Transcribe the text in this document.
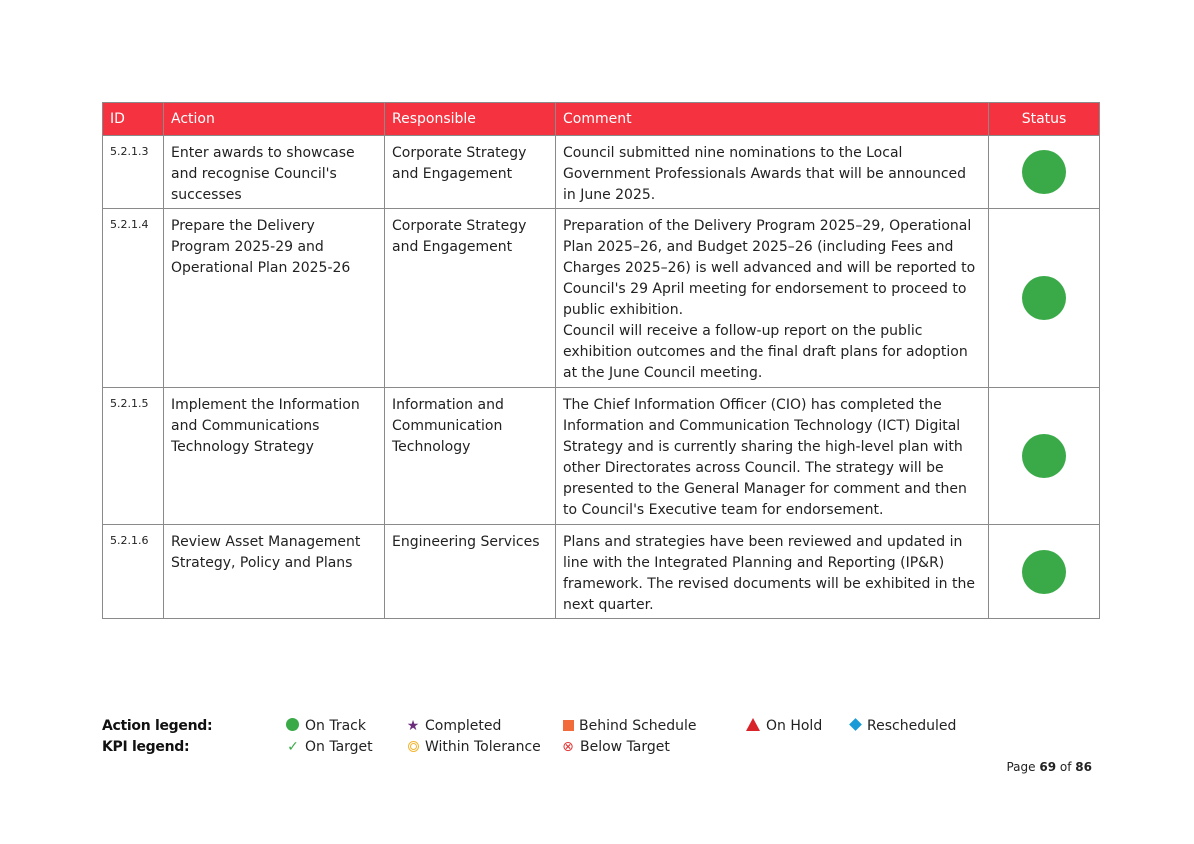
ID	Action	Responsible	Comment	Status
5.2.1.3	Enter awards to showcase and recognise Council's successes	Corporate Strategy and Engagement	Council submitted nine nominations to the Local Government Professionals Awards that will be announced in June 2025.	
5.2.1.4	Prepare the Delivery Program 2025-29 and Operational Plan 2025-26	Corporate Strategy and Engagement	Preparation of the Delivery Program 2025–29, Operational Plan 2025–26, and Budget 2025–26 (including Fees and Charges 2025–26) is well advanced and will be reported to Council's 29 April meeting for endorsement to proceed to public exhibition.
Council will receive a follow-up report on the public exhibition outcomes and the final draft plans for adoption at the June Council meeting.	
5.2.1.5	Implement the Information and Communications Technology Strategy	Information and Communication Technology	The Chief Information Officer (CIO) has completed the Information and Communication Technology (ICT) Digital Strategy and is currently sharing the high-level plan with other Directorates across Council. The strategy will be presented to the General Manager for comment and then to Council's Executive team for endorsement.	
5.2.1.6	Review Asset Management Strategy, Policy and Plans	Engineering Services	Plans and strategies have been reviewed and updated in line with the Integrated Planning and Reporting (IP&R) framework. The revised documents will be exhibited in the next quarter.	
Action legend:	On Track	★ Completed	Behind Schedule	On Hold	Rescheduled
KPI legend:	✓ On Target	Within Tolerance ⊗ Below Target
Page 69 of 86
